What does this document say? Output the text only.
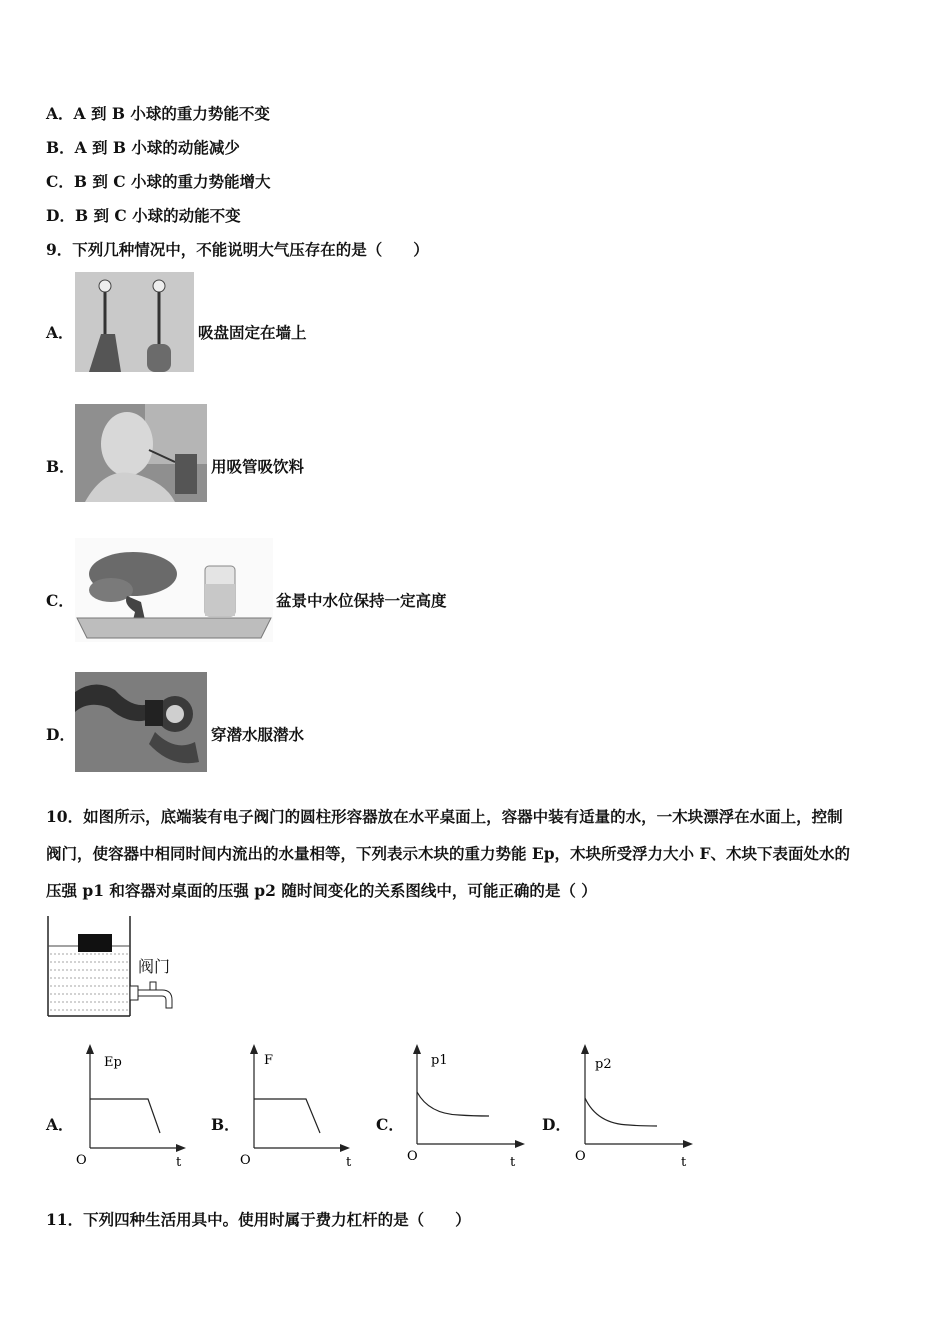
A．A 到 B 小球的重力势能不变
B．A 到 B 小球的动能减少
C．B 到 C 小球的重力势能增大
D．B 到 C 小球的动能不变
9．下列几种情况中，不能说明大气压存在的是（　　）
A．	吸盘固定在墙上
B．	用吸管吸饮料
C．	盆景中水位保持一定高度
D．	穿潜水服潜水
10．如图所示，底端装有电子阀门的圆柱形容器放在水平桌面上，容器中装有适量的水，一木块漂浮在水面上，控制
阀门，使容器中相同时间内流出的水量相等，下列表示木块的重力势能 Ep，木块所受浮力大小 F、木块下表面处水的
压强 p1 和容器对桌面的压强 p2 随时间变化的关系图线中，可能正确的是（ ）
阀门
A．
Ep
O	t
B．
F
O	t
C．
p1
O	t
D．
p2
O	t
11．下列四种生活用具中。使用时属于费力杠杆的是（　　）
